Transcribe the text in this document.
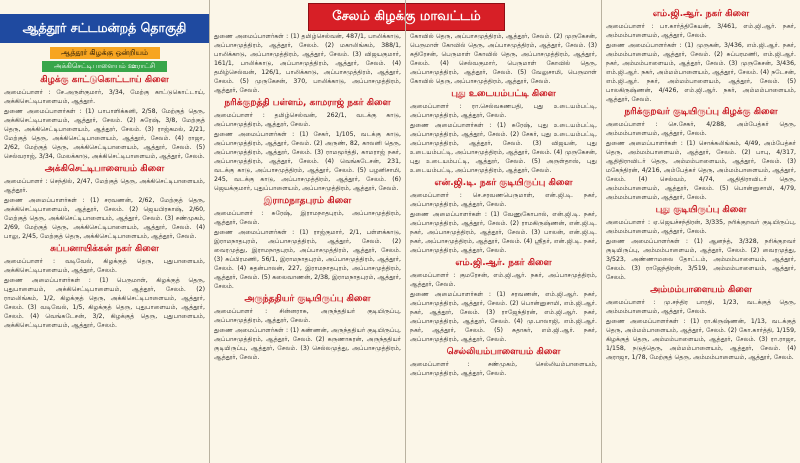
சேலம் கிழக்கு மாவட்டம்
ஆத்தூர் சட்டமன்றத் தொகுதி
ஆத்தூர் கிழக்கு ஒன்றியம்
அக்கிசெட்டிபாளையம் ஊராட்சி
கிழக்கு காட்டுகொட்டாய் கிளை

அமைப்பாளர் : சே.அருள்குமார், 3/34, மேற்கு காட்டுகொட்டாய், அக்கிசெட்டிபாளையம், ஆத்தூர்.

துணை அமைப்பாளர்கள் : (1) பாபாளிக்கனி, 2/58, மேற்குத் தெரு, அக்கிசெட்டிபாளையம், ஆத்தூர், சேலம். (2) சுரேஷ், 3/8, மேற்குத் தெரு, அக்கிசெட்டிபாளையம், ஆத்தூர், சேலம். (3) ராஜ்கமல், 2/21, மேற்குத் தெரு, அக்கிசெட்டிபாளையம், ஆத்தூர், சேலம். (4) ராஜா, 2/62, மேற்குத் தெரு, அக்கிசெட்டிபாளையம், ஆத்தூர், சேலம். (5) செல்வராஜ், 3/34, மேலக்காடு, அக்கிசெட்டிபாளையம், ஆத்தூர், சேலம்.

அக்கிசெட்டிபாளையம் கிளை

அமைப்பாளர் : செந்தில், 2/47, மேற்குத் தெரு, அக்கிசெட்டிபாளையம், ஆத்தூர்.

துணை அமைப்பாளர்கள் : (1) சரவணன், 2/62, மேற்குத் தெரு, அக்கிசெட்டிபாளையம், ஆத்தூர், சேலம். (2) ஜெயபிரகாஷ், 2/60, மேற்குத் தெரு, அக்கிசெட்டிபாளையம், ஆத்தூர், சேலம். (3) சண்முகம், 2/69, மேற்குத் தெரு, அக்கிசெட்டிபாளையம், ஆத்தூர், சேலம். (4) பாலு, 2/45, மேற்குத் தெரு, அக்கிசெட்டிபாளையம், ஆத்தூர், சேலம்.

சுப்பனாயிக்கன் நகர் கிளை

அமைப்பாளர் : வடிவேல், கிழக்குத் தெரு, புதுபாளையம், அக்கிசெட்டிபாளையம், ஆத்தூர், சேலம்.

துணை அமைப்பாளர்கள் : (1) பெருமாள், கிழக்குத் தெரு, புதுபாளையம், அக்கிசெட்டிபாளையம், ஆத்தூர், சேலம். (2) ராமலிங்கம், 1/2, கிழக்குத் தெரு, அக்கிசெட்டிபாளையம், ஆத்தூர், சேலம். (3) வடிவேல், 1/5, கிழக்குத் தெரு, புதுபாளையம், ஆத்தூர், சேலம். (4) வெங்கடேசன், 3/2, கிழக்குத் தெரு, புதுபாளையம், அக்கிசெட்டிபாளையம், ஆத்தூர், சேலம்.

துணை அமைப்பாளர்கள் : (1) தமிழ்செல்வன், 487/1, பாலிக்காடு, அப்பாசமுத்திரம், ஆத்தூர், சேலம். (2) மகாலிங்கம், 388/1, பாலிக்காடு, அப்பாசமுத்திரம், ஆத்தூர், சேலம். (3) விஜயகுமார், 161/1, பாலிக்காடு, அப்பாசமுத்திரம், ஆத்தூர், சேலம். (4) தமிழ்செல்வன், 126/1, பாலிக்காடு, அப்பாசமுத்திரம், ஆத்தூர், சேலம். (5) முருகேசன், 370, பாலிக்காடு, அப்பாசமுத்திரம், ஆத்தூர், சேலம்.

நரிக்குறத்தி பள்ளம், காமராஜ் நகர் கிளை

அமைப்பாளர் : தமிழ்செல்வன், 262/1, வடக்கு காடு, அப்பாசமுத்திரம், ஆத்தூர், சேலம்.

துணை அமைப்பாளர்கள் : (1) சேகர், 1/105, வடக்கு காடு, அப்பாசமுத்திரம், ஆத்தூர், சேலம். (2) அருண், 82, காலனி தெரு, அப்பாசமுத்திரம், ஆத்தூர், சேலம். (3) ராமமூர்த்தி, காமராஜ் நகர், அப்பாசமுத்திரம், ஆத்தூர், சேலம். (4) வெங்கடேசன், 231, வடக்கு காடு, அப்பாசமுத்திரம், ஆத்தூர், சேலம். (5) பழனிசாமி, 245, வடக்கு காடு, அப்பாசமுத்திரம், ஆத்தூர், சேலம். (6) ஜெயக்குமார், புதுப்பாளையம், அப்பாசமுத்திரம், ஆத்தூர், சேலம்.

இராமநாதபுரம் கிளை

அமைப்பாளர் : சுரேஷ், இராமநாதபுரம், அப்பாசமுத்திரம், ஆத்தூர், சேலம்.

துணை அமைப்பாளர்கள் : (1) ராஜ்குமார், 2/1, பள்ளக்காடு, இராமநாதபுரம், அப்பாசமுத்திரம், ஆத்தூர், சேலம். (2) வைரமுத்து, இராமநாதபுரம், அப்பாசமுத்திரம், ஆத்தூர், சேலம். (3) சுப்பிரமணி, 56/1, இராமநாதபுரம், அப்பாசமுத்திரம், ஆத்தூர், சேலம். (4) சுதன்பாலன், 227, இராமநாதபுரம், அப்பாசமுத்திரம், ஆத்தூர், சேலம். (5) கலைவாணன், 2/38, இராமநாதபுரம், ஆத்தூர், சேலம்.

அருந்ததியர் குடியிருப்பு கிளை

அமைப்பாளர் : சின்னராசு, அருந்ததியர் குடியிருப்பு, அப்பாசமுத்திரம், ஆத்தூர், சேலம்.

துணை அமைப்பாளர்கள் : (1) கண்ணன், அருந்ததியர் குடியிருப்பு, அப்பாசமுத்திரம், ஆத்தூர், சேலம். (2) கருணாகரன், அருந்ததியர் குடியிருப்பு, ஆத்தூர், சேலம். (3) செல்லமுத்து, அப்பாசமுத்திரம், ஆத்தூர், சேலம்.

கோவில் தெரு, அப்பாசமுத்திரம், ஆத்தூர், சேலம். (2) முருகேசன், பெருமாள் கோவில் தெரு, அப்பாசமுத்திரம், ஆத்தூர், சேலம். (3) கதிரேசன், பெருமாள் கோவில் தெரு, அப்பாசமுத்திரம், ஆத்தூர், சேலம். (4) செல்வகுமார், பெருமாள் கோவில் தெரு, அப்பாசமுத்திரம், ஆத்தூர், சேலம். (5) வேலுசாமி, பெருமாள் கோவில் தெரு, அப்பாசமுத்திரம், ஆத்தூர், சேலம்.

புது உடையம்பட்டி கிளை

அமைப்பாளர் : ரா.செல்வகணபதி, புது உடையம்பட்டி, அப்பாசமுத்திரம், ஆத்தூர், சேலம்.

துணை அமைப்பாளர்கள் : (1) சுரேஷ், புது உடையம்பட்டி, அப்பாசமுத்திரம், ஆத்தூர், சேலம். (2) சேகர், புது உடையம்பட்டி, அப்பாசமுத்திரம், ஆத்தூர், சேலம். (3) விஜயன், புது உடையம்பட்டி, அப்பாசமுத்திரம், ஆத்தூர், சேலம். (4) முருகேசன், புது உடையம்பட்டி, ஆத்தூர், சேலம். (5) அருள்தாஸ், புது உடையம்பட்டி, அப்பாசமுத்திரம், ஆத்தூர், சேலம்.

என்.ஜி.டி. நகர் குடியிருப்பு கிளை

அமைப்பாளர் : செ.சரவணபெருமாள், என்.ஜி.டி. நகர், அப்பாசமுத்திரம், ஆத்தூர், சேலம்.

துணை அமைப்பாளர்கள் : (1) வேணுகோபால், என்.ஜி.டி. நகர், அப்பாசமுத்திரம், ஆத்தூர், சேலம். (2) ராமகிருஷ்ணன், என்.ஜி.டி. நகர், அப்பாசமுத்திரம், ஆத்தூர், சேலம். (3) பாலன், என்.ஜி.டி. நகர், அப்பாசமுத்திரம், ஆத்தூர், சேலம். (4) ஸ்ரீதர், என்.ஜி.டி. நகர், அப்பாசமுத்திரம், ஆத்தூர், சேலம்.

எம்.ஜி.ஆர். நகர் கிளை

அமைப்பாளர் : குமரேசன், எம்.ஜி.ஆர். நகர், அப்பாசமுத்திரம், ஆத்தூர், சேலம்.

துணை அமைப்பாளர்கள் : (1) சரவணன், எம்.ஜி.ஆர். நகர், அப்பாசமுத்திரம், ஆத்தூர், சேலம். (2) பொன்னுசாமி, எம்.ஜி.ஆர். நகர், ஆத்தூர், சேலம். (3) ராஜேந்திரன், எம்.ஜி.ஆர். நகர், அப்பாசமுத்திரம், ஆத்தூர், சேலம். (4) மு.பாலாஜி, எம்.ஜி.ஆர். நகர், ஆத்தூர், சேலம். (5) சுதாகர், எம்.ஜி.ஆர். நகர், அப்பாசமுத்திரம், ஆத்தூர், சேலம்.

செல்லியம்பாளையம் கிளை

அமைப்பாளர் : சண்முகம், செல்லியம்பாளையம், அப்பாசமுத்திரம், ஆத்தூர், சேலம்.

எம்.ஜி.ஆர். நகர் கிளை

அமைப்பாளர் : பா.கார்த்திகேயன், 3/461, எம்.ஜி.ஆர். நகர், அம்மம்பாளையம், ஆத்தூர், சேலம்.

துணை அமைப்பாளர்கள் : (1) முருகன், 3/436, எம்.ஜி.ஆர். நகர், அம்மம்பாளையம், ஆத்தூர், சேலம். (2) சுப்பரமணி, எம்.ஜி.ஆர். நகர், அம்மம்பாளையம், ஆத்தூர், சேலம். (3) முருகேசன், 3/436, எம்.ஜி.ஆர். நகர், அம்மம்பாளையம், ஆத்தூர், சேலம். (4) நடேசன், எம்.ஜி.ஆர். நகர், அம்மம்பாளையம், ஆத்தூர், சேலம். (5) பாலகிருஷ்ணன், 4/426, எம்.ஜி.ஆர். நகர், அம்மம்பாளையம், ஆத்தூர், சேலம்.

நரிக்குறவர் குடியிருப்பு கிழக்கு கிளை

அமைப்பாளர் : செ.சேகர், 4/288, அம்பேத்கர் தெரு, அம்மம்பாளையம், ஆத்தூர், சேலம்.

துணை அமைப்பாளர்கள் : (1) சொக்கலிங்கம், 4/49, அம்பேத்கர் தெரு, அம்மம்பாளையம், ஆத்தூர், சேலம். (2) பாபு, 4/317, ஆதிதிராவிடர் தெரு, அம்மம்பாளையம், ஆத்தூர், சேலம். (3) மகேந்திரன், 4/216, அம்பேத்கர் தெரு, அம்மம்பாளையம், ஆத்தூர், சேலம். (4) செல்வம், 4/74, ஆதிதிராவிடர் தெரு, அம்மம்பாளையம், ஆத்தூர், சேலம். (5) பொன்னுசாமி, 4/79, அம்மம்பாளையம், ஆத்தூர், சேலம்.

புது குடியிருப்பு கிளை

அமைப்பாளர் : ஏ.ஜெயச்சந்திரன், 3/335, நரிக்குறவர் குடியிருப்பு, அம்மம்பாளையம், ஆத்தூர், சேலம்.

துணை அமைப்பாளர்கள் : (1) ஆனந்த், 3/328, நரிக்குறவர் குடியிருப்பு, அம்மம்பாளையம், ஆத்தூர், சேலம். (2) வைரமுத்து, 3/523, அண்ணாமலை தோட்டம், அம்மம்பாளையம், ஆத்தூர், சேலம். (3) ராஜேந்திரன், 3/519, அம்மம்பாளையம், ஆத்தூர், சேலம்.

அம்மம்பாளையம் கிளை

அமைப்பாளர் : மு.சந்திர பாரதி, 1/23, வடக்குத் தெரு, அம்மம்பாளையம், ஆத்தூர், சேலம்.

துணை அமைப்பாளர்கள் : (1) ரா.கிருஷ்ணன், 1/13, வடக்குத் தெரு, அம்மம்பாளையம், ஆத்தூர், சேலம். (2) கோ.கார்த்தி, 1/159, கிழக்குத் தெரு, அம்மம்பாளையம், ஆத்தூர், சேலம். (3) ரா.ராஜா, 1/158, நடுத்தெரு, அம்மம்பாளையம், ஆத்தூர், சேலம். (4) அராஜா, 1/78, மேற்குத் தெரு, அம்மம்பாளையம், ஆத்தூர், சேலம்.
